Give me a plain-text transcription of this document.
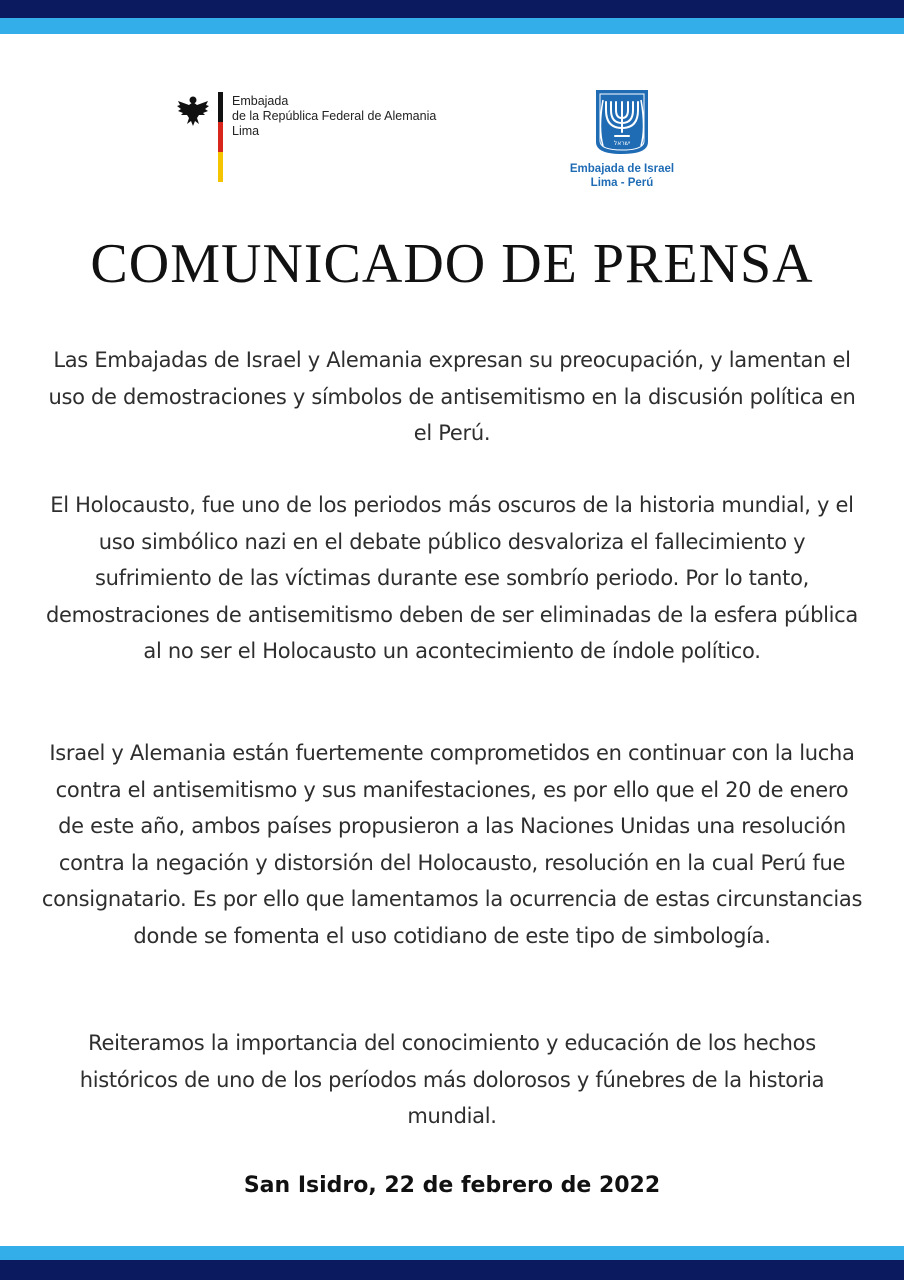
Embajada
de la República Federal de Alemania
Lima
ישראל
Embajada de Israel
Lima - Perú
COMUNICADO DE PRENSA

Las Embajadas de Israel y Alemania expresan su preocupación, y lamentan el uso de demostraciones y símbolos de antisemitismo en la discusión política en el Perú.

El Holocausto, fue uno de los periodos más oscuros de la historia mundial, y el uso simbólico nazi en el debate público desvaloriza el fallecimiento y sufrimiento de las víctimas durante ese sombrío periodo. Por lo tanto, demostraciones de antisemitismo deben de ser eliminadas de la esfera pública al no ser el Holocausto un acontecimiento de índole político.

Israel y Alemania están fuertemente comprometidos en continuar con la lucha contra el antisemitismo y sus manifestaciones, es por ello que el 20 de enero de este año, ambos países propusieron a las Naciones Unidas una resolución contra la negación y distorsión del Holocausto, resolución en la cual Perú fue consignatario. Es por ello que lamentamos la ocurrencia de estas circunstancias donde se fomenta el uso cotidiano de este tipo de simbología.

Reiteramos la importancia del conocimiento y educación de los hechos históricos de uno de los períodos más dolorosos y fúnebres de la historia mundial.

San Isidro, 22 de febrero de 2022
